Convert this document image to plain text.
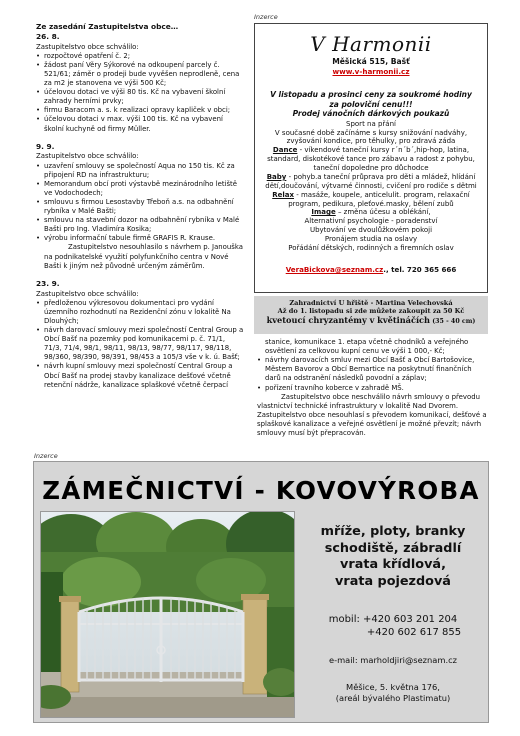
Ze zasedání Zastupitelstva obce…
26. 8.
Zastupitelstvo obce schválilo:
• rozpočtové opatření č. 2;
• žádost paní Věry Sýkorové na odkoupení parcely č. 521/61; záměr o prodeji bude vyvěšen neprodleně, cena za m2 je stanovena ve výši 500 Kč;
• účelovou dotaci ve výši 80 tis. Kč na vybavení školní zahrady herními prvky;
• firmu Baracom a. s. k realizaci opravy kapliček v obci;
• účelovou dotaci v max. výši 100 tis. Kč na vybavení školní kuchyně od firmy Müller.
9. 9.
Zastupitelstvo obce schválilo:
• uzavření smlouvy se společností Aqua no 150 tis. Kč za připojení RD na infrastrukturu;
• Memorandum obcí proti výstavbě mezinárodního letiště ve Vodochodech;
• smlouvu s firmou Lesostavby Třeboň a.s. na odbahnění rybníka v Malé Bašti;
• smlouvu na stavební dozor na odbahnění rybníka v Malé Bašti pro Ing. Vladimíra Kosika;
• výrobu informační tabule firmě GRAFIS R. Krause.
Zastupitelstvo nesouhlasilo s návrhem p. Janouška na podnikatelské využití polyfunkčního centra v Nové Bašti k jiným než původně určeným záměrům.
23. 9.
Zastupitelstvo obce schválilo:
• předloženou výkresovou dokumentaci pro vydání územního rozhodnutí na Rezidenční zónu v lokalitě Na Dlouhých;
• návrh darovací smlouvy mezi společností Central Group a Obcí Bašť na pozemky pod komunikacemi p. č. 71/1, 71/3, 71/4, 98/1, 98/11, 98/13, 98/77, 98/117, 98/118, 98/360, 98/390, 98/391, 98/453 a 105/3 vše v k. ú. Bašť;
• návrh kupní smlouvy mezi společností Central Group a Obcí Bašť na prodej stavby kanalizace dešťové včetně retenční nádrže, kanalizace splaškové včetně čerpací
Inzerce
V Harmonii
Měšická 515, Bašť
www.v-harmonii.cz
V listopadu a prosinci ceny za soukromé hodiny
za poloviční cenu!!!
Prodej vánočních dárkových poukazů
Sport na přání
V současné době začínáme s kursy snižování nadváhy,
zvyšování kondice, pro těhulky, pro zdravá záda
Dance - víkendové taneční kursy r´n´b´,hip-hop, latina, standard, diskotékové tance pro zábavu a radost z pohybu, taneční dopoledne pro důchodce
Baby - pohyb.a taneční průprava pro děti a mládež, hlídání dětí,doučování, výtvarné činnosti, cvičení pro rodiče s dětmi
Relax - masáže, koupele, anticelulit. program, relaxační program, pedikura, pleťové.masky, bělení zubů
Image – změna účesu a oblékání,
Alternativní psychologie - poradenství
Ubytování ve dvoulůžkovém pokoji
Pronájem studia na oslavy
Pořádání dětských, rodinných a firemních oslav
VeraBickova@seznam.cz., tel. 720 365 666
Zahradnictví U hřiště - Martina Velechovská
Až do 1. listopadu si zde můžete zakoupit za 50 Kč
kvetoucí chryzantémy v květináčích (35 - 40 cm)
stanice, komunikace 1. etapa včetně chodníků a veřejného osvětlení za celkovou kupní cenu ve výši 1 000,- Kč;
• návrhy darovacích smluv mezi Obcí Bašť a Obcí Bartošovice, Městem Bavorov a Obcí Bernartice na poskytnutí finančních darů na odstranění následků povodní a záplav;
• pořízení travního koberce v zahradě MŠ.
Zastupitelstvo obce neschválilo návrh smlouvy o převodu vlastnictví technické infrastruktury v lokalitě Nad Dvorem. Zastupitelstvo obce nesouhlasí s převodem komunikací, dešťové a splaškové kanalizace a veřejné osvětlení je možné převzít; návrh smlouvy musí být přepracován.
Inzerce
ZÁMEČNICTVÍ - KOVOVÝROBA
mříže, ploty, branky
schodiště, zábradlí
vrata křídlová,
vrata pojezdová
mobil: +420 603 201 204
+420 602 617 855
e-mail: marholdjiri@seznam.cz
Měšice, 5. května 176,
(areál bývalého Plastimatu)
